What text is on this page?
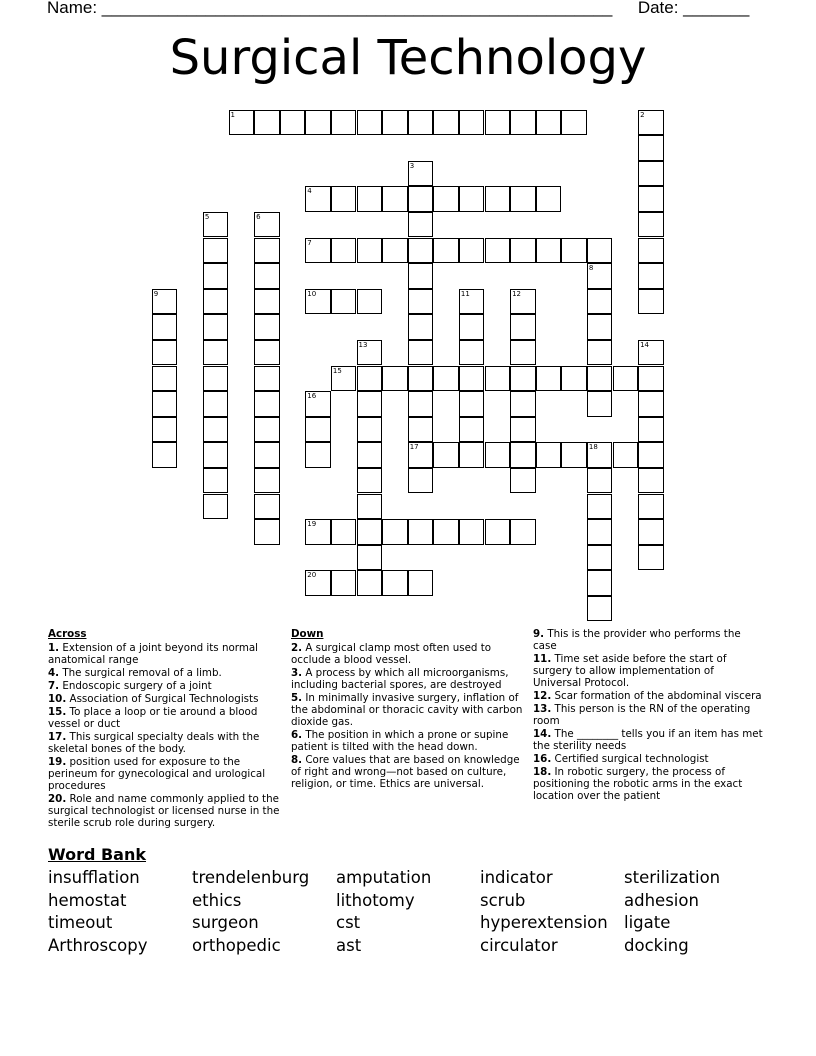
Name: ______________________________________________________ Date: _______
Surgical Technology
1	2
3
17
4
5	6
7
8
9	10	11	12
13	14
15
16
18
19
20
Across
1. Extension of a joint beyond its normal anatomical range
4. The surgical removal of a limb.
7. Endoscopic surgery of a joint
10. Association of Surgical Technologists
15. To place a loop or tie around a blood vessel or duct
17. This surgical specialty deals with the skeletal bones of the body.
19. position used for exposure to the perineum for gynecological and urological procedures
20. Role and name commonly applied to the surgical technologist or licensed nurse in the sterile scrub role during surgery.
Down
2. A surgical clamp most often used to occlude a blood vessel.
3. A process by which all microorganisms, including bacterial spores, are destroyed
5. In minimally invasive surgery, inflation of the abdominal or thoracic cavity with carbon dioxide gas.
6. The position in which a prone or supine patient is tilted with the head down.
8. Core values that are based on knowledge of right and wrong—not based on culture, religion, or time. Ethics are universal.
9. This is the provider who performs the case
11. Time set aside before the start of surgery to allow implementation of Universal Protocol.
12. Scar formation of the abdominal viscera
13. This person is the RN of the operating room
14. The ________ tells you if an item has met the sterility needs
16. Certified surgical technologist
18. In robotic surgery, the process of positioning the robotic arms in the exact location over the patient
Word Bank
insufflation	trendelenburg	amputation	indicator	sterilization
hemostat	ethics	lithotomy	scrub	adhesion
timeout	surgeon	cst	hyperextension ligate
Arthroscopy	orthopedic	ast	circulator	docking
